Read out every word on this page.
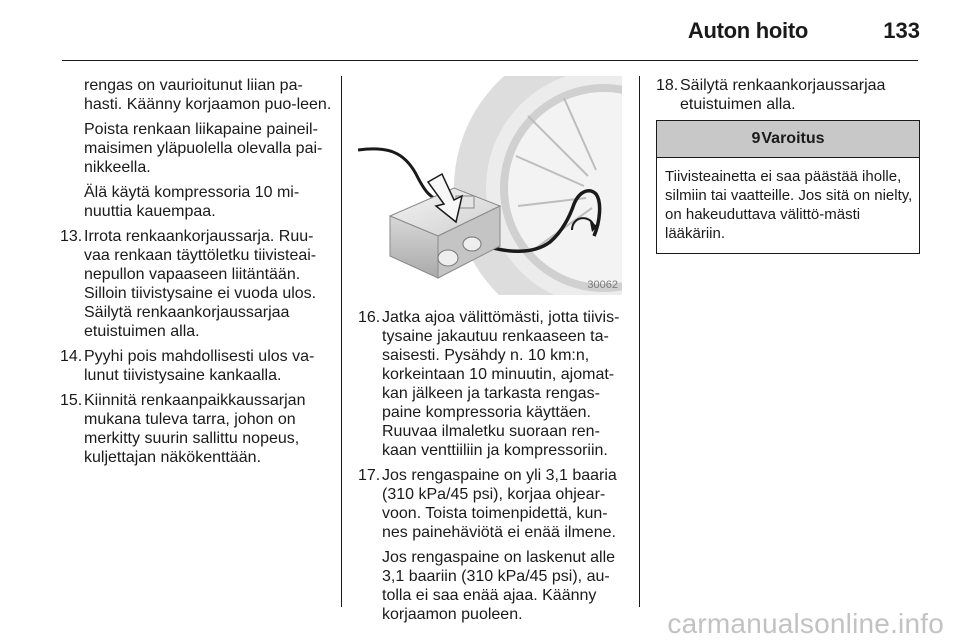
Auton hoito	133

rengas on vaurioitunut liian pa-hasti. Käänny korjaamon puo-leen.

Poista renkaan liikapaine paineil-maisimen yläpuolella olevalla pai-nikkeella.

Älä käytä kompressoria 10 mi-nuuttia kauempaa.

13. Irrota renkaankorjaussarja. Ruu-vaa renkaan täyttöletku tiivisteai-nepullon vapaaseen liitäntään. Silloin tiivistysaine ei vuoda ulos. Säilytä renkaankorjaussarjaa etuistuimen alla.

14. Pyyhi pois mahdollisesti ulos va-lunut tiivistysaine kankaalla.

15. Kiinnitä renkaanpaikkaussarjan mukana tuleva tarra, johon on merkitty suurin sallittu nopeus, kuljettajan näkökenttään.

30062
16. Jatka ajoa välittömästi, jotta tiivis-tysaine jakautuu renkaaseen ta-saisesti. Pysähdy n. 10 km:n, korkeintaan 10 minuutin, ajomat-kan jälkeen ja tarkasta rengas-paine kompressoria käyttäen. Ruuvaa ilmaletku suoraan ren-kaan venttiiliin ja kompressoriin.

17. Jos rengaspaine on yli 3,1 baaria (310 kPa/45 psi), korjaa ohjear-voon. Toista toimenpidettä, kun-nes painehäviötä ei enää ilmene.

Jos rengaspaine on laskenut alle 3,1 baariin (310 kPa/45 psi), au-tolla ei saa enää ajaa. Käänny korjaamon puoleen.

18. Säilytä renkaankorjaussarjaa etuistuimen alla.

9Varoitus
Tiivisteainetta ei saa päästää iholle, silmiin tai vaatteille. Jos sitä on nielty, on hakeuduttava välittö-mästi lääkäriin.
carmanualsonline.info
